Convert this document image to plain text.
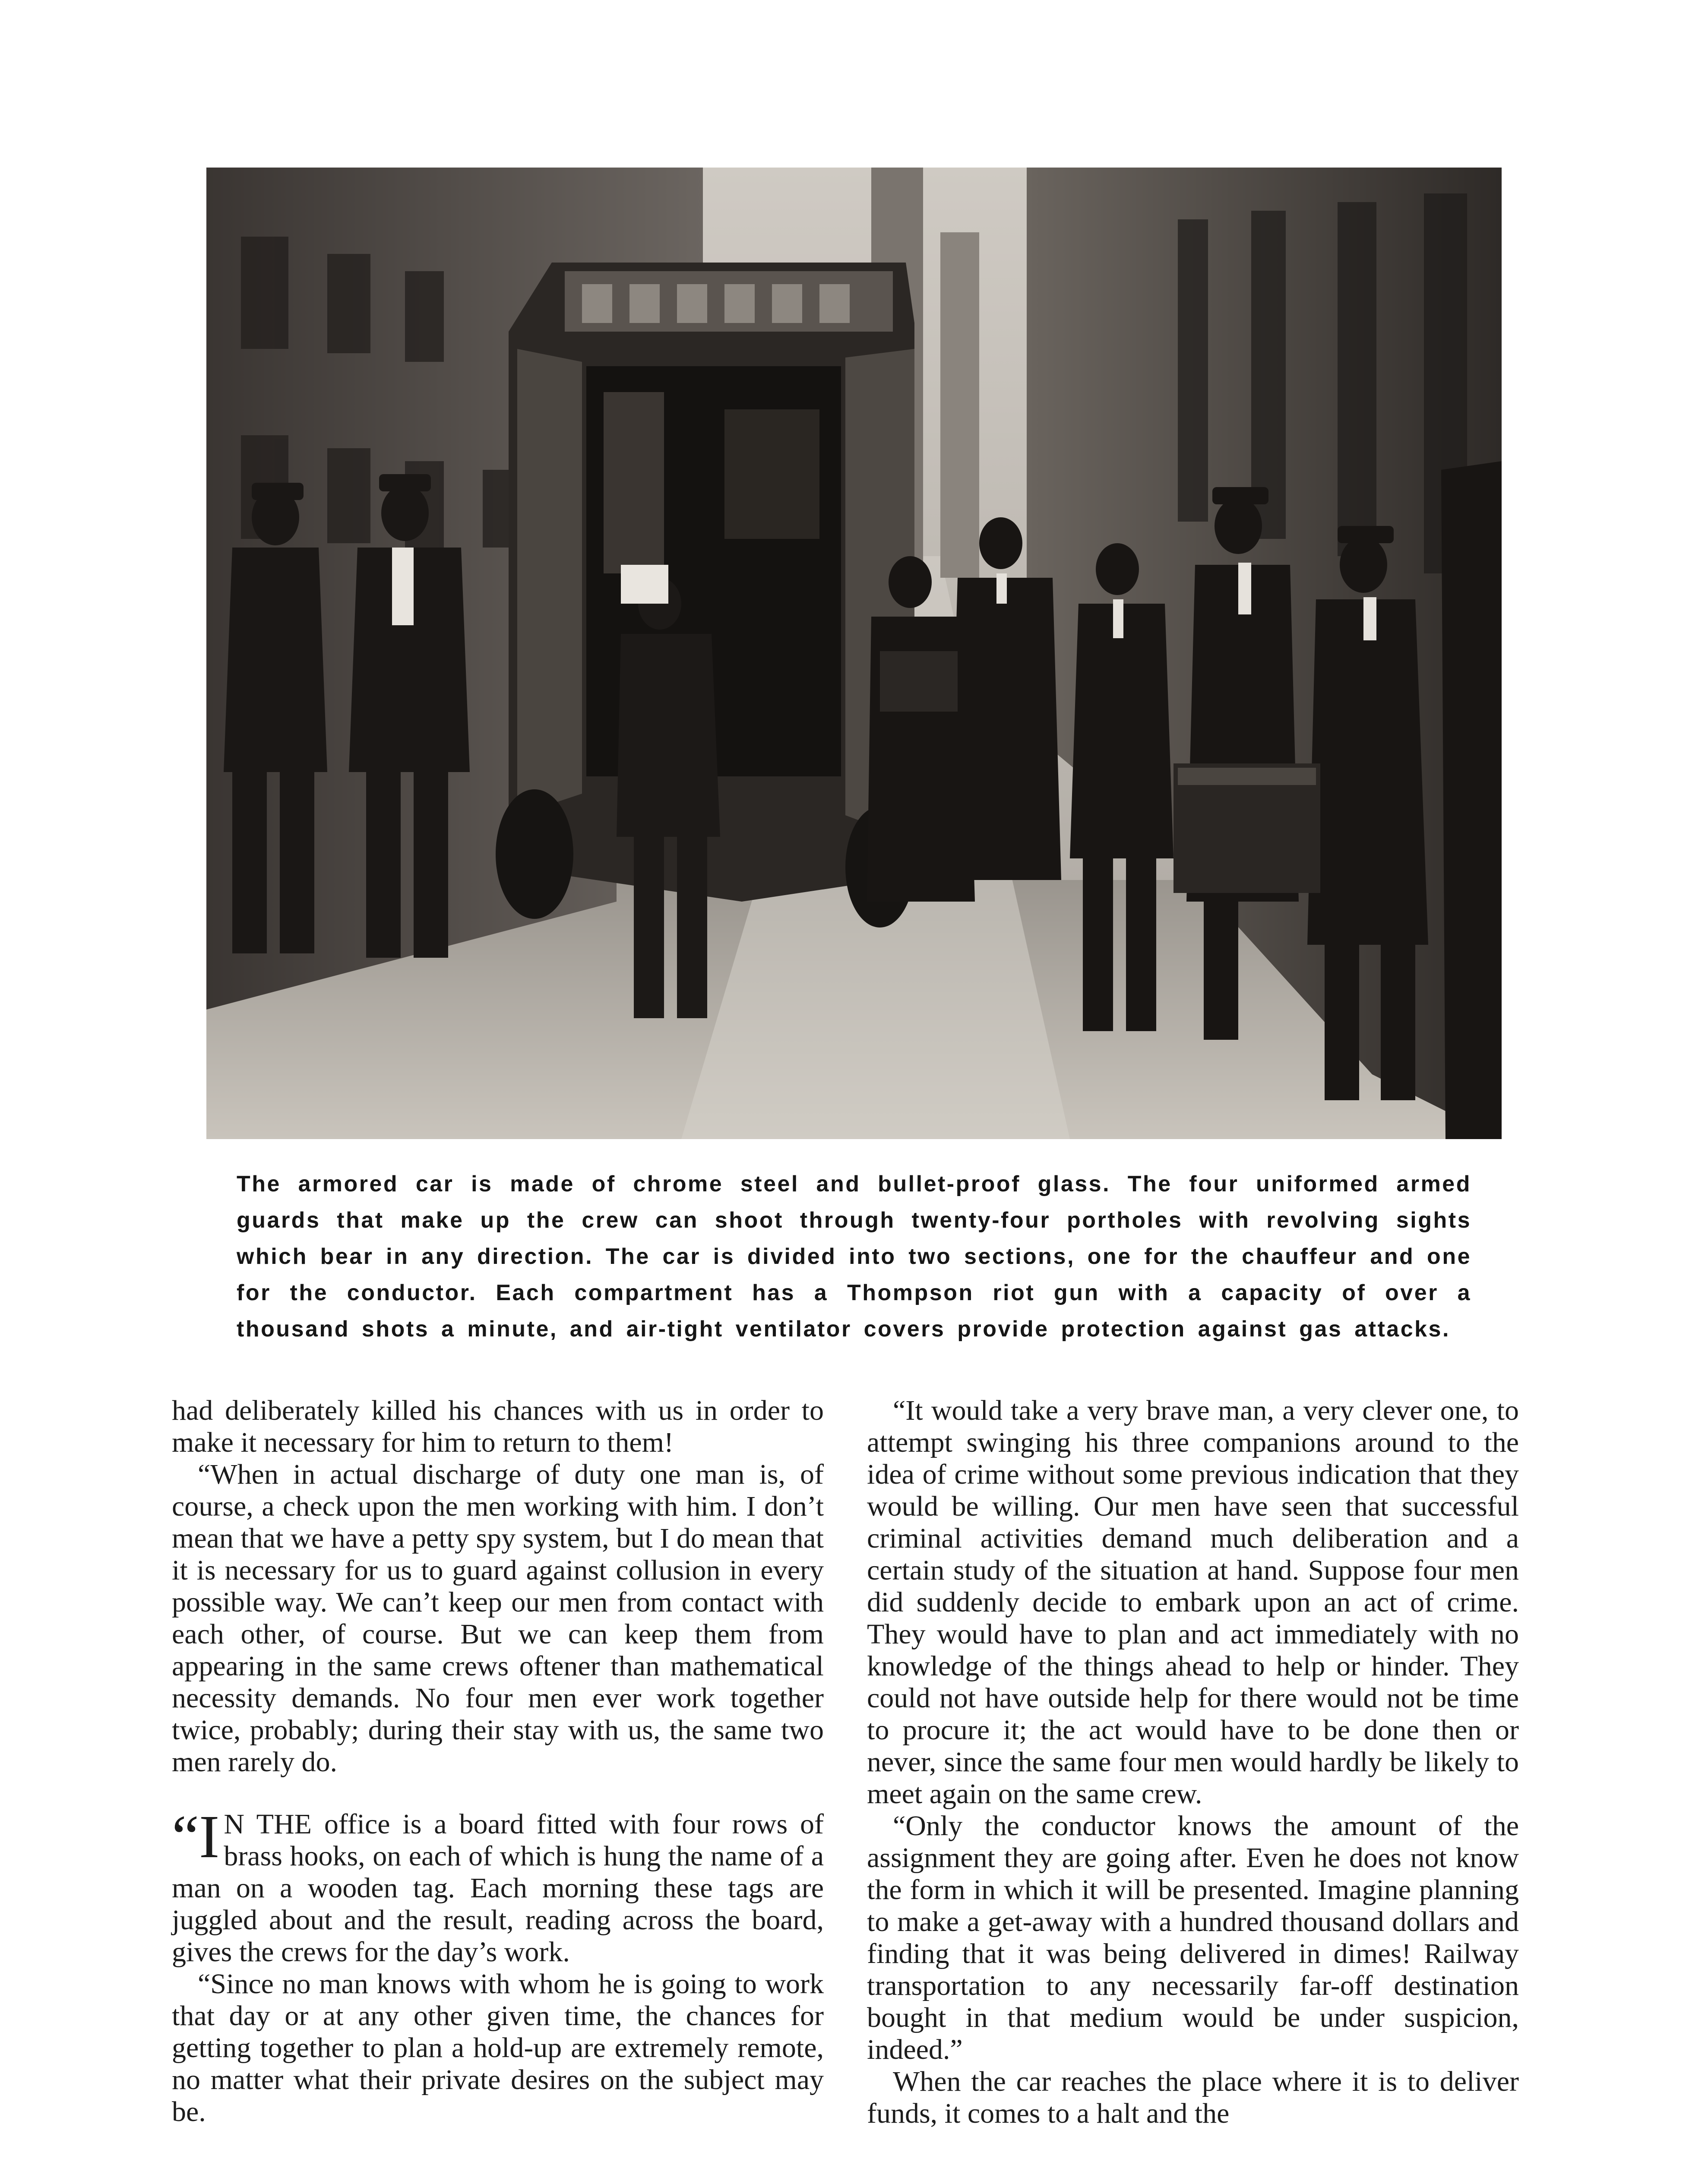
The armored car is made of chrome steel and bullet-proof glass. The four uniformed armed guards that make up the crew can shoot through twenty-four portholes with revolving sights which bear in any direction. The car is divided into two sections, one for the chauffeur and one for the conductor. Each compartment has a Thompson riot gun with a capacity of over a thousand shots a minute, and air-tight ventilator covers provide protection against gas attacks.

had deliberately killed his chances with us in order to make it necessary for him to return to them!

“When in actual discharge of duty one man is, of course, a check upon the men working with him. I don’t mean that we have a petty spy system, but I do mean that it is necessary for us to guard against collusion in every possible way. We can’t keep our men from contact with each other, of course. But we can keep them from appearing in the same crews oftener than mathematical necessity demands. No four men ever work together twice, probably; during their stay with us, the same two men rarely do.

“I N THE office is a board fitted with four rows of brass hooks, on each of which is hung the name of a man on a wooden tag. Each morning these tags are juggled about and the result, reading across the board, gives the crews for the day’s work.

“Since no man knows with whom he is going to work that day or at any other given time, the chances for getting together to plan a hold-up are extremely remote, no matter what their private desires on the subject may be.

“It would take a very brave man, a very clever one, to attempt swinging his three companions around to the idea of crime without some previous indication that they would be willing. Our men have seen that successful criminal activities demand much deliberation and a certain study of the situation at hand. Suppose four men did suddenly decide to embark upon an act of crime. They would have to plan and act immediately with no knowledge of the things ahead to help or hinder. They could not have outside help for there would not be time to procure it; the act would have to be done then or never, since the same four men would hardly be likely to meet again on the same crew.

“Only the conductor knows the amount of the assignment they are going after. Even he does not know the form in which it will be presented. Imagine planning to make a get-away with a hundred thousand dollars and finding that it was being delivered in dimes! Railway transportation to any necessarily far-off destination bought in that medium would be under suspicion, indeed.”

When the car reaches the place where it is to deliver funds, it comes to a halt and the
